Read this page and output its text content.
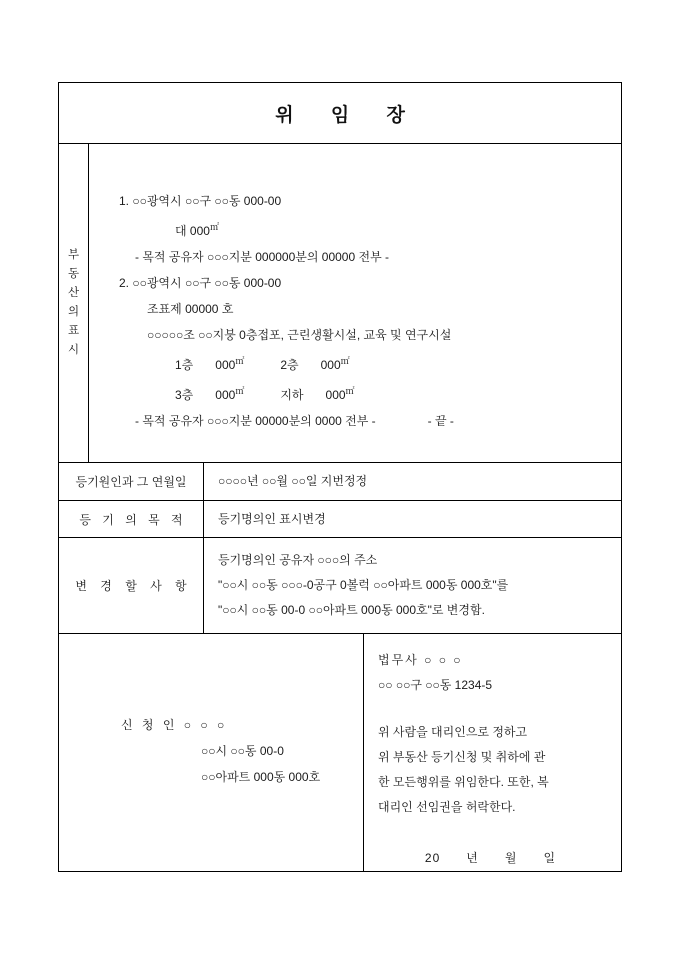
위 임 장
부
동
산
의
표
시
1. ○○광역시 ○○구 ○○동 000-00
대 000㎡
- 목적 공유자 ○○○지분 000000분의 00000 전부 -
2. ○○광역시 ○○구 ○○동 000-00
조표제 00000 호
○○○○○조 ○○지붕 0층접포, 근린생활시설, 교육 및 연구시설
1층 000㎡	2층 000㎡
3층 000㎡	지하 000㎡
- 목적 공유자 ○○○지분 00000분의 0000 전부 -	- 끝 -
등기원인과 그 연월일	○○○○년 ○○월 ○○일 지번정정
등 기 의 목 적	등기명의인 표시변경
변 경 할 사 항
등기명의인 공유자 ○○○의 주소
"○○시 ○○동 ○○○-0공구 0볼럭 ○○아파트 000동 000호"를
"○○시 ○○동 00-0 ○○아파트 000동 000호"로 변경함.
신 청 인 ○ ○ ○
○○시 ○○동 00-0
○○아파트 000동 000호
법무사 ○ ○ ○
○○ ○○구 ○○동 1234-5
위 사람을 대리인으로 정하고
위 부동산 등기신청 및 취하에 관
한 모든행위를 위임한다. 또한, 복
대리인 선임권을 허락한다.
20 년 월 일
